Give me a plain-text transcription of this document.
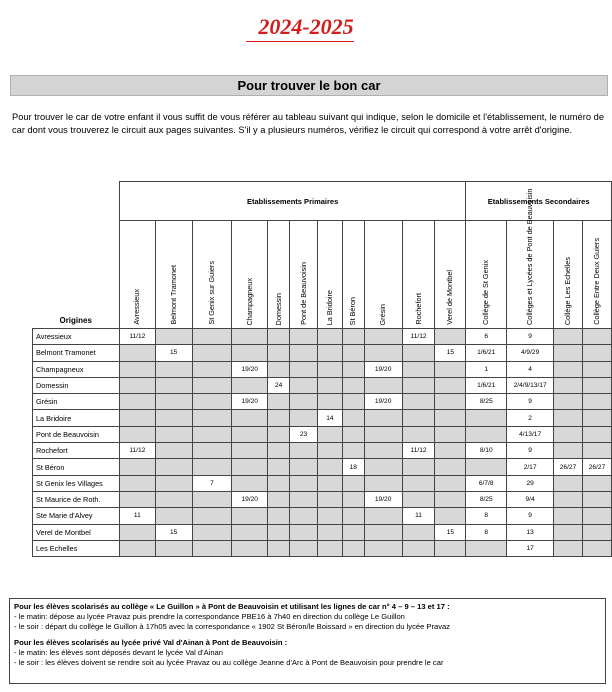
2024-2025
Pour trouver le bon car
Pour trouver le car de votre enfant il vous suffit de vous référer au tableau suivant qui indique, selon le domicile et l'établissement, le numéro de car dont vous trouverez le circuit aux pages suivantes. S'il y a plusieurs numéros, vérifiez le circuit qui correspond à votre arrêt d'origine.
	Etablissements Primaires											Etablissements Secondaires			
Origines	Avressieux	Belmont Tramonet	St Genix sur Guiers	Champagneux	Domessin	Pont de Beauvoisin	La Bridoire	St Béron	Grésin	Rochefort	Verel de Montbel	Collège de St Genix	Collèges et Lycées de Pont de Beauvoisin	Collège Les Echelles	Collège Entre Deux Guiers

Avressieux	11/12									11/12		6	9		
Belmont Tramonet		15									15	1/6/21	4/9/29		
Champagneux				19/20					19/20			1	4		
Domessin					24							1/6/21	2/4/9/13/17		
Grésin				19/20					19/20			8/25	9		
La Bridoire							14						2		
Pont de Beauvoisin						23							4/13/17		
Rochefort	11/12									11/12		8/10	9		
St Béron								18					2/17	26/27	26/27
St Genix les Villages			7									6/7/8	29		
St Maurice de Roth.				19/20					19/20			8/25	9/4		
Ste Marie d'Alvey	11									11		8	9		
Verel de Montbel		15									15	8	13		
Les Echelles													17		
Pour les élèves scolarisés au collège « Le Guillon » à Pont de Beauvoisin et utilisant les lignes de car n° 4 – 9 – 13 et 17 :
- le matin: dépose au lycée Pravaz puis prendre la correspondance PBE16 à 7h40 en direction du collège Le Guillon
- le soir : départ du collège le Guillon à 17h05 avec la correspondance « 1902 St Béron/le Boissard » en direction du lycée Pravaz
Pour les élèves scolarisés au lycée privé Val d'Ainan à Pont de Beauvoisin :
- le matin: les élèves sont déposés devant le lycée Val d'Ainan
- le soir : les élèves doivent se rendre soit au lycée Pravaz ou au collège Jeanne d'Arc à Pont de Beauvoisin pour prendre le car
